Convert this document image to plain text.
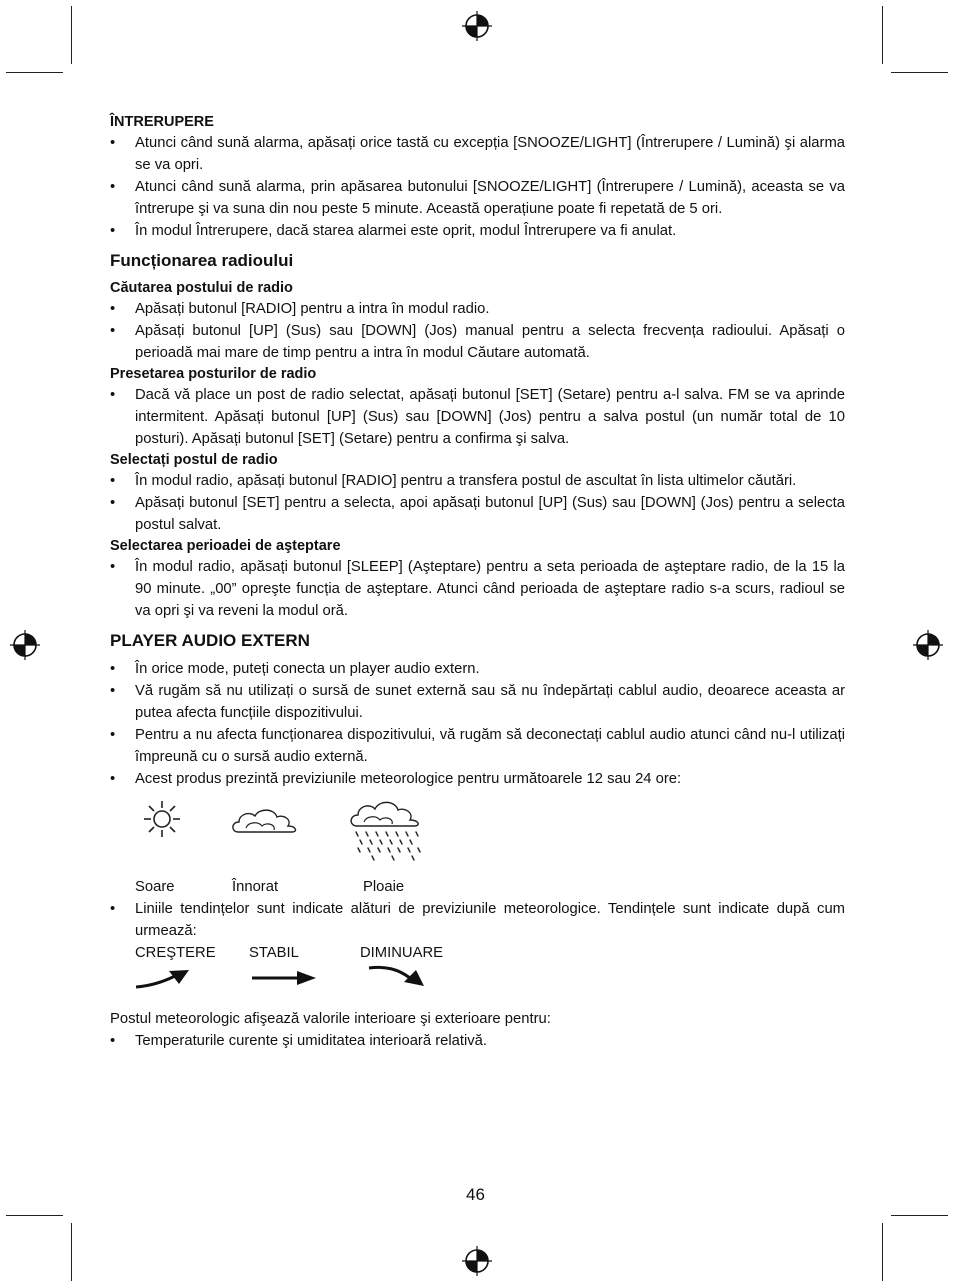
ÎNTRERUPERE
• Atunci când sună alarma, apăsați orice tastă cu excepția [SNOOZE/LIGHT] (Întrerupere / Lumină) şi alarma se va opri.
• Atunci când sună alarma, prin apăsarea butonului [SNOOZE/LIGHT] (Întrerupere / Lumină), aceasta se va întrerupe şi va suna din nou peste 5 minute. Această operațiune poate fi repetată de 5 ori.
• În modul Întrerupere, dacă starea alarmei este oprit, modul Întrerupere va fi anulat.
Funcționarea radioului
Căutarea postului de radio
• Apăsați butonul [RADIO] pentru a intra în modul radio.
• Apăsați butonul [UP] (Sus) sau [DOWN] (Jos) manual pentru a selecta frecvența radioului. Apăsați o perioadă mai mare de timp pentru a intra în modul Căutare automată.
Presetarea posturilor de radio
• Dacă vă place un post de radio selectat, apăsați butonul [SET] (Setare) pentru a-l salva. FM se va aprinde intermitent. Apăsați butonul [UP] (Sus) sau [DOWN] (Jos) pentru a salva postul (un număr total de 10 posturi). Apăsați butonul [SET] (Setare) pentru a confirma şi salva.
Selectați postul de radio
• În modul radio, apăsați butonul [RADIO] pentru a transfera postul de ascultat în lista ultimelor căutări.
• Apăsați butonul [SET] pentru a selecta, apoi apăsați butonul [UP] (Sus) sau [DOWN] (Jos) pentru a selecta postul salvat.
Selectarea perioadei de aşteptare
• În modul radio, apăsați butonul [SLEEP] (Aşteptare) pentru a seta perioada de aşteptare radio, de la 15 la 90 minute. „00” opreşte funcția de aşteptare. Atunci când perioada de aşteptare radio s-a scurs, radioul se va opri şi va reveni la modul oră.
PLAYER AUDIO EXTERN
• În orice mode, puteți conecta un player audio extern.
• Vă rugăm să nu utilizați o sursă de sunet externă sau să nu îndepărtați cablul audio, deoarece aceasta ar putea afecta funcțiile dispozitivului.
• Pentru a nu afecta funcționarea dispozitivului, vă rugăm să deconectați cablul audio atunci când nu-l utilizați împreună cu o sursă audio externă.
• Acest produs prezintă previziunile meteorologice pentru următoarele 12 sau 24 ore:
Soare	Înnorat	Ploaie
• Liniile tendințelor sunt indicate alături de previziunile meteorologice. Tendințele sunt indicate după cum urmează:
CREŞTERE STABIL	DIMINUARE

Postul meteorologic afişează valorile interioare şi exterioare pentru:

• Temperaturile curente şi umiditatea interioară relativă.
46
